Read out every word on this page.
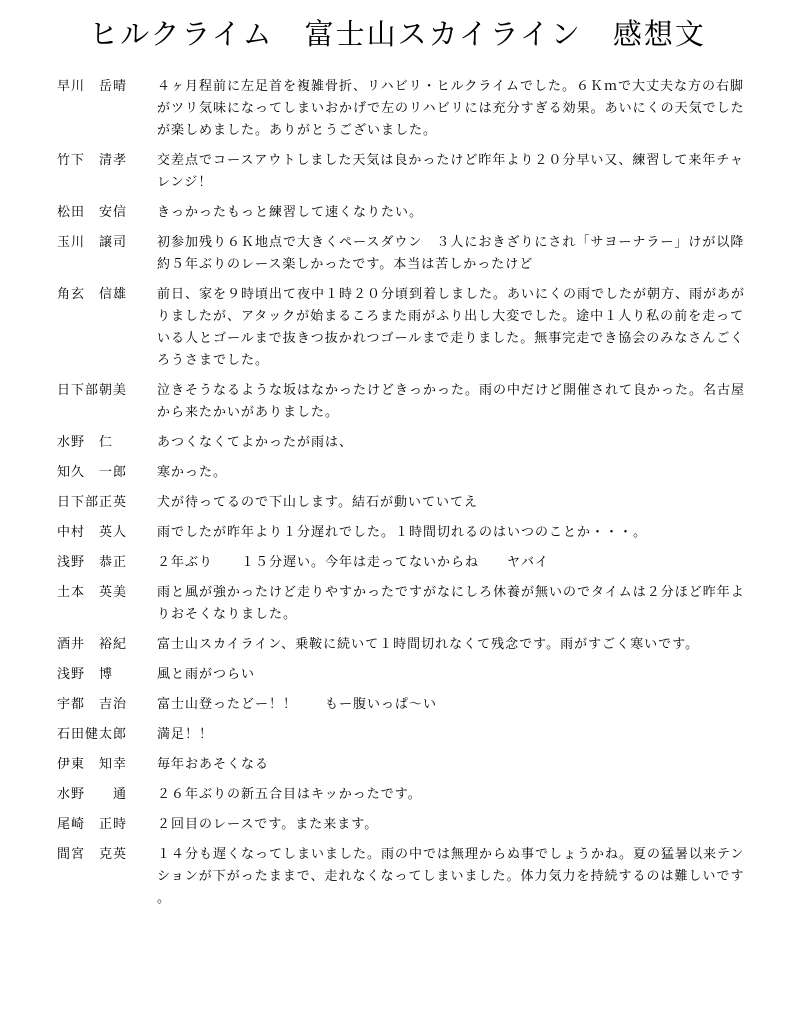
ヒルクライム　富士山スカイライン　感想文
早川　岳晴	４ヶ月程前に左足首を複雑骨折、リハビリ・ヒルクライムでした。６Ｋｍで大丈夫な方の右脚がツリ気味になってしまいおかげで左のリハビリには充分すぎる効果。あいにくの天気でしたが楽しめました。ありがとうございました。
竹下　清孝	交差点でコースアウトしました天気は良かったけど昨年より２０分早い又、練習して来年チャレンジ！
松田　安信	きっかったもっと練習して速くなりたい。
玉川　譲司	初参加残り６Ｋ地点で大きくペースダウン　３人におきざりにされ「サヨーナラー」けが以降約５年ぶりのレース楽しかったです。本当は苦しかったけど
角玄　信雄	前日、家を９時頃出て夜中１時２０分頃到着しました。あいにくの雨でしたが朝方、雨があがりましたが、アタックが始まるころまた雨がふり出し大変でした。途中１人り私の前を走っている人とゴールまで抜きつ抜かれつゴールまで走りました。無事完走でき協会のみなさんごくろうさまでした。
日下部朝美	泣きそうなるような坂はなかったけどきっかった。雨の中だけど開催されて良かった。名古屋から来たかいがありました。
水野　仁	あつくなくてよかったが雨は、
知久　一郎	寒かった。
日下部正英	犬が待ってるので下山します。結石が動いていてえ
中村　英人	雨でしたが昨年より１分遅れでした。１時間切れるのはいつのことか・・・。
浅野　恭正	２年ぶり　　１５分遅い。今年は走ってないからね　　ヤバイ
土本　英美	雨と風が強かったけど走りやすかったですがなにしろ休養が無いのでタイムは２分ほど昨年よりおそくなりました。
酒井　裕紀	富士山スカイライン、乗鞍に続いて１時間切れなくて残念です。雨がすごく寒いです。
浅野　博	風と雨がつらい
宇都　吉治	富士山登ったどー！！　　もー腹いっぱ～い
石田健太郎	満足！！
伊東　知幸	毎年おあそくなる
水野　　通	２６年ぶりの新五合目はキッかったです。
尾崎　正時	２回目のレースです。また来ます。
間宮　克英	１４分も遅くなってしまいました。雨の中では無理からぬ事でしょうかね。夏の猛暑以来テンションが下がったままで、走れなくなってしまいました。体力気力を持続するのは難しいです。
